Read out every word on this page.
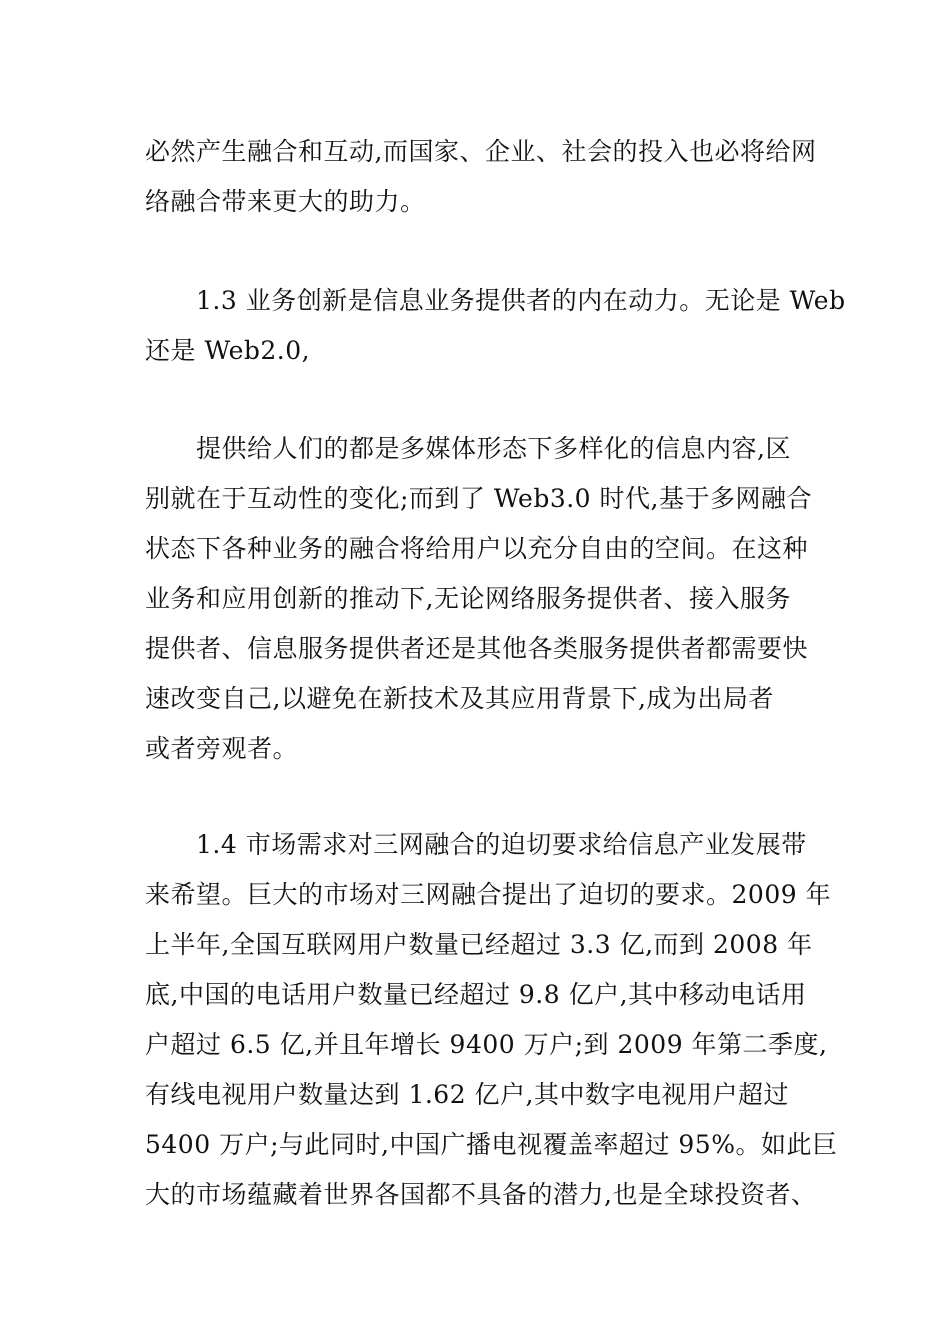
必然产生融合和互动,而国家、企业、社会的投入也必将给网
络融合带来更大的助力。
　　1.3 业务创新是信息业务提供者的内在动力。无论是 Web
还是 Web2.0,
　　提供给人们的都是多媒体形态下多样化的信息内容,区
别就在于互动性的变化;而到了 Web3.0 时代,基于多网融合
状态下各种业务的融合将给用户以充分自由的空间。在这种
业务和应用创新的推动下,无论网络服务提供者、接入服务
提供者、信息服务提供者还是其他各类服务提供者都需要快
速改变自己,以避免在新技术及其应用背景下,成为出局者
或者旁观者。
　　1.4 市场需求对三网融合的迫切要求给信息产业发展带
来希望。巨大的市场对三网融合提出了迫切的要求。2009 年
上半年,全国互联网用户数量已经超过 3.3 亿,而到 2008 年
底,中国的电话用户数量已经超过 9.8 亿户,其中移动电话用
户超过 6.5 亿,并且年增长 9400 万户;到 2009 年第二季度,
有线电视用户数量达到 1.62 亿户,其中数字电视用户超过
5400 万户;与此同时,中国广播电视覆盖率超过 95%。如此巨
大的市场蕴藏着世界各国都不具备的潜力,也是全球投资者、
